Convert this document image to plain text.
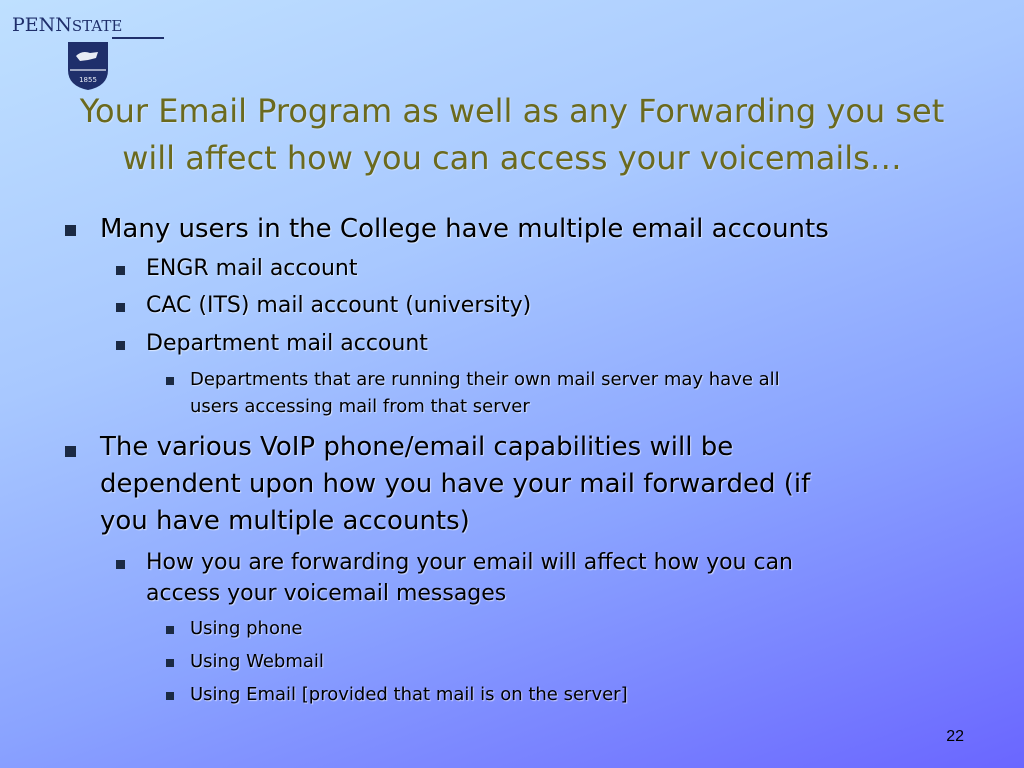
PENNSTATE
1855
Your Email Program as well as any Forwarding you set
will affect how you can access your voicemails…
Many users in the College have multiple email accounts
ENGR mail account
CAC (ITS) mail account (university)
Department mail account
Departments that are running their own mail server may have all
users accessing mail from that server
The various VoIP phone/email capabilities will be
dependent upon how you have your mail forwarded (if
you have multiple accounts)
How you are forwarding your email will affect how you can
access your voicemail messages
Using phone
Using Webmail
Using Email [provided that mail is on the server]
22
